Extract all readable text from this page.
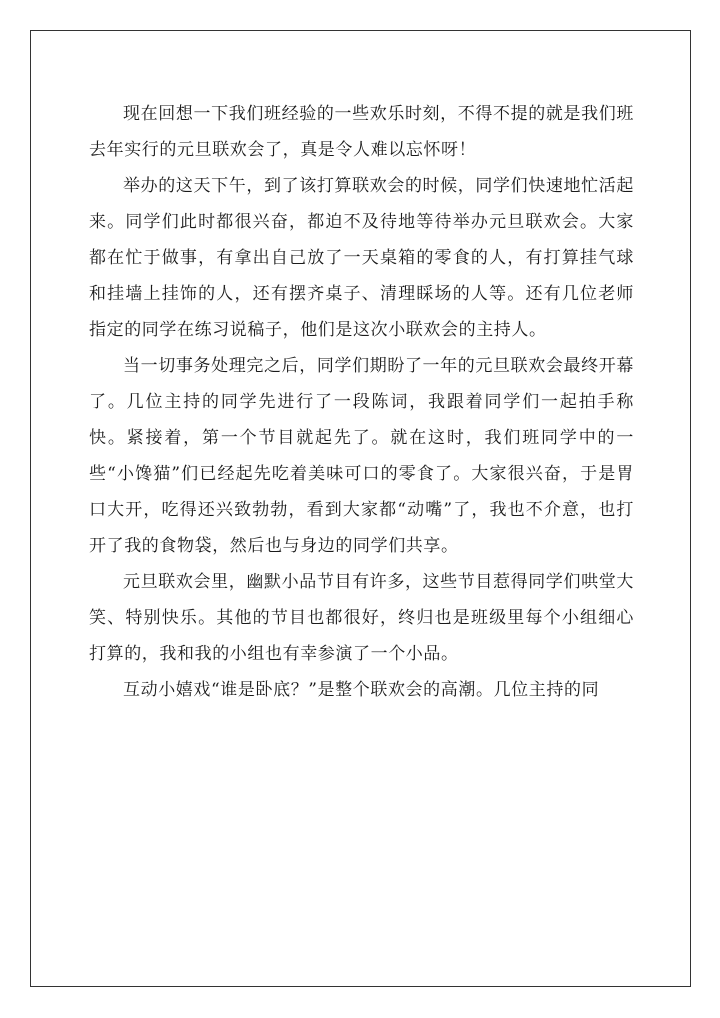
现在回想一下我们班经验的一些欢乐时刻，不得不提的就是我们班去年实行的元旦联欢会了，真是令人难以忘怀呀！

举办的这天下午，到了该打算联欢会的时候，同学们快速地忙活起来。同学们此时都很兴奋，都迫不及待地等待举办元旦联欢会。大家都在忙于做事，有拿出自己放了一天桌箱的零食的人，有打算挂气球和挂墙上挂饰的人，还有摆齐桌子、清理睬场的人等。还有几位老师指定的同学在练习说稿子，他们是这次小联欢会的主持人。

当一切事务处理完之后，同学们期盼了一年的元旦联欢会最终开幕了。几位主持的同学先进行了一段陈词，我跟着同学们一起拍手称快。紧接着，第一个节目就起先了。就在这时，我们班同学中的一些“小馋猫”们已经起先吃着美味可口的零食了。大家很兴奋，于是胃口大开，吃得还兴致勃勃，看到大家都“动嘴”了，我也不介意，也打开了我的食物袋，然后也与身边的同学们共享。

元旦联欢会里，幽默小品节目有许多，这些节目惹得同学们哄堂大笑、特别快乐。其他的节目也都很好，终归也是班级里每个小组细心打算的，我和我的小组也有幸参演了一个小品。

互动小嬉戏“谁是卧底？”是整个联欢会的高潮。几位主持的同
